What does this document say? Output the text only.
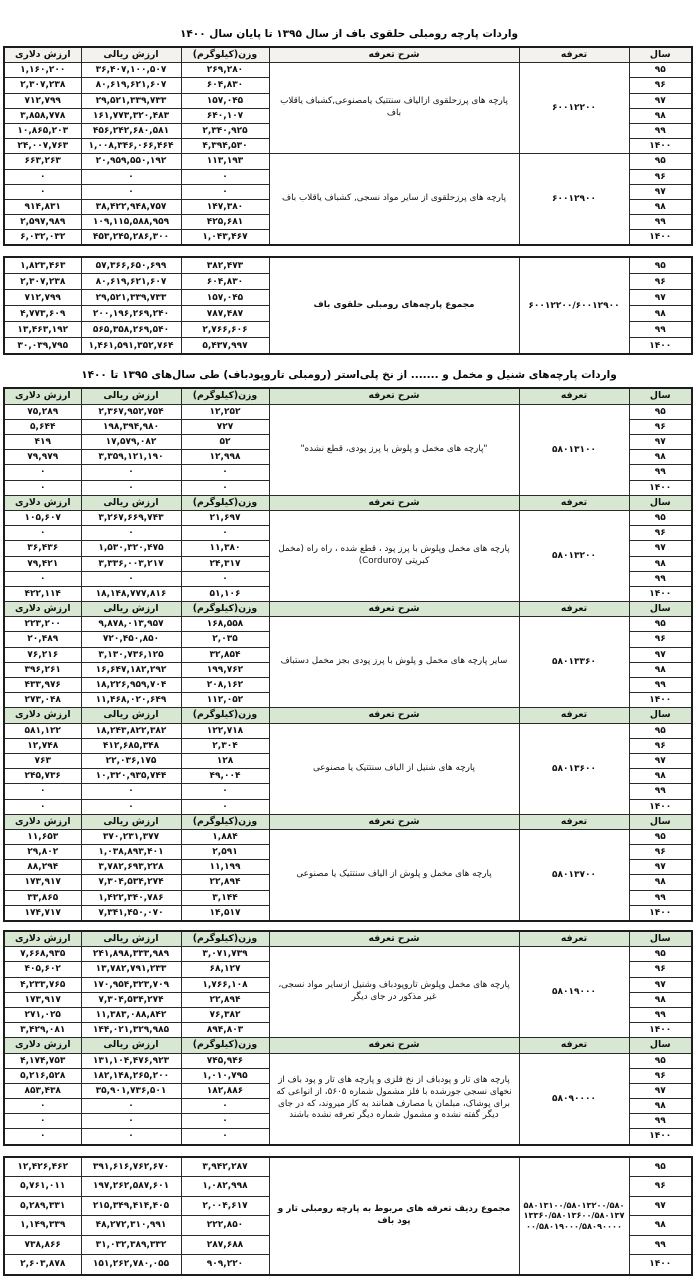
واردات پارچه رومبلی حلقوی باف از سال ۱۳۹۵ تا پایان سال ۱۴۰۰
سال	تعرفه	شرح تعرفه	وزن(کیلوگرم)	ارزش ریالی	ارزش دلاری
۹۵	۶۰۰۱۲۲۰۰	پارچه های پرزحلقوی ازالیاف سنتتیک یامصنوعی,کشباف یاقلاب باف	۲۶۹,۲۸۰	۳۶,۴۰۷,۱۰۰,۵۰۷	۱,۱۶۰,۲۰۰
۹۶			۶۰۴,۸۳۰	۸۰,۶۱۹,۶۲۱,۶۰۷	۲,۳۰۷,۲۳۸
۹۷			۱۵۷,۰۴۵	۲۹,۵۲۱,۳۳۹,۷۳۳	۷۱۲,۷۹۹
۹۸			۶۴۰,۱۰۷	۱۶۱,۷۷۳,۳۲۰,۴۸۳	۳,۸۵۸,۷۷۸
۹۹			۲,۳۴۰,۹۲۵	۴۵۶,۲۴۲,۶۸۰,۵۸۱	۱۰,۸۶۵,۲۰۳
۱۴۰۰			۴,۳۹۴,۵۳۰	۱,۰۰۸,۳۴۶,۰۶۶,۴۶۴	۲۴,۰۰۷,۷۶۳
۹۵	۶۰۰۱۲۹۰۰	پارچه های پرزحلقوی از سایر مواد نسجی, کشباف یاقلاب باف	۱۱۳,۱۹۳	۲۰,۹۵۹,۵۵۰,۱۹۲	۶۶۳,۲۶۳
۹۶			۰	۰	۰
۹۷			۰	۰	۰
۹۸			۱۴۷,۳۸۰	۳۸,۴۲۲,۹۴۸,۷۵۷	۹۱۴,۸۳۱
۹۹			۴۲۵,۶۸۱	۱۰۹,۱۱۵,۵۸۸,۹۵۹	۲,۵۹۷,۹۸۹
۱۴۰۰			۱,۰۴۳,۴۶۷	۴۵۳,۲۴۵,۲۸۶,۳۰۰	۶,۰۳۲,۰۳۲
۹۵	۶۰۰۱۲۲۰۰/۶۰۰۱۲۹۰۰	مجموع پارچه‌های رومبلی حلقوی باف	۳۸۲,۴۷۳	۵۷,۳۶۶,۶۵۰,۶۹۹	۱,۸۲۳,۴۶۳
۹۶			۶۰۴,۸۳۰	۸۰,۶۱۹,۶۲۱,۶۰۷	۲,۳۰۷,۲۳۸
۹۷			۱۵۷,۰۴۵	۲۹,۵۲۱,۳۳۹,۷۳۳	۷۱۲,۷۹۹
۹۸			۷۸۷,۴۸۷	۲۰۰,۱۹۶,۲۶۹,۲۴۰	۴,۷۷۳,۶۰۹
۹۹			۲,۷۶۶,۶۰۶	۵۶۵,۳۵۸,۲۶۹,۵۴۰	۱۳,۴۶۳,۱۹۲
۱۴۰۰			۵,۴۳۷,۹۹۷	۱,۴۶۱,۵۹۱,۳۵۲,۷۶۴	۳۰,۰۳۹,۷۹۵
واردات پارچه‌های شنیل و مخمل و ....... از نخ پلی‌استر (رومبلی تاروپودباف) طی سال‌های ۱۳۹۵ تا ۱۴۰۰
سال	تعرفه	شرح تعرفه	وزن(کیلوگرم)	ارزش ریالی	ارزش دلاری
۹۵	۵۸۰۱۳۱۰۰	"پارچه های مخمل و پلوش با پرز پودی، قطع نشده"	۱۲,۲۵۲	۲,۳۶۷,۹۵۲,۷۵۴	۷۵,۲۸۹
۹۶			۷۲۷	۱۹۸,۳۹۴,۹۸۰	۵,۶۴۴
۹۷			۵۲	۱۷,۵۷۹,۰۸۲	۴۱۹
۹۸			۱۲,۹۹۸	۳,۳۵۹,۱۲۱,۱۹۰	۷۹,۹۷۹
۹۹			۰	۰	۰
۱۴۰۰			۰	۰	۰
سال	تعرفه	شرح تعرفه	وزن(کیلوگرم)	ارزش ریالی	ارزش دلاری
۹۵	۵۸۰۱۳۲۰۰	پارچه های مخمل وپلوش با پرز پود ، قطع شده ، راه راه (مخمل کبریتی Corduroy)	۲۱,۶۹۷	۳,۲۶۷,۶۶۹,۷۴۳	۱۰۵,۶۰۷
۹۶			۰	۰	۰
۹۷			۱۱,۳۸۰	۱,۵۳۰,۳۲۰,۴۷۵	۳۶,۴۳۶
۹۸			۲۴,۳۱۷	۳,۳۳۶,۰۰۳,۲۱۷	۷۹,۴۲۱
۹۹			۰	۰	۰
۱۴۰۰			۵۱,۱۰۶	۱۸,۱۴۸,۷۷۷,۸۱۶	۴۲۲,۱۱۴
سال	تعرفه	شرح تعرفه	وزن(کیلوگرم)	ارزش ریالی	ارزش دلاری
۹۵	۵۸۰۱۳۳۶۰	سایر پارچه های مخمل و پلوش با پرز پودی بجز مخمل دستباف	۱۶۸,۵۵۸	۹,۸۷۸,۰۱۳,۹۵۷	۲۲۳,۲۰۰
۹۶			۲,۰۳۵	۷۲۰,۴۵۰,۸۵۰	۲۰,۴۸۹
۹۷			۳۲,۸۵۴	۳,۱۳۰,۷۳۶,۱۲۵	۷۶,۲۱۶
۹۸			۱۹۹,۷۶۲	۱۶,۶۴۷,۱۸۲,۲۹۲	۳۹۶,۲۶۱
۹۹			۲۰۸,۱۶۲	۱۸,۲۲۶,۹۵۹,۷۰۴	۴۳۳,۹۷۶
۱۴۰۰			۱۱۲,۰۵۲	۱۱,۴۶۸,۰۲۰,۶۴۹	۲۷۳,۰۴۸
سال	تعرفه	شرح تعرفه	وزن(کیلوگرم)	ارزش ریالی	ارزش دلاری
۹۵	۵۸۰۱۳۶۰۰	پارچه های شنیل از الیاف سنتتیک یا مصنوعی	۱۲۲,۷۱۸	۱۸,۲۴۳,۸۲۲,۳۸۲	۵۸۱,۱۲۲
۹۶			۲,۳۰۴	۴۱۲,۶۸۵,۳۴۸	۱۲,۷۴۸
۹۷			۱۲۸	۲۲,۰۳۶,۱۷۵	۷۶۳
۹۸			۴۹,۰۰۴	۱۰,۳۲۰,۹۳۵,۷۴۴	۲۴۵,۷۳۶
۹۹			۰	۰	۰
۱۴۰۰			۰	۰	۰
سال	تعرفه	شرح تعرفه	وزن(کیلوگرم)	ارزش ریالی	ارزش دلاری
۹۵	۵۸۰۱۳۷۰۰	پارچه های مخمل و پلوش از الیاف سنتتیک یا مصنوعی	۱,۸۸۴	۳۷۰,۲۳۱,۳۷۷	۱۱,۶۵۳
۹۶			۲,۵۹۱	۱,۰۳۸,۸۹۳,۴۰۱	۲۹,۸۰۲
۹۷			۱۱,۱۹۹	۳,۷۸۲,۶۹۳,۲۲۸	۸۸,۲۹۴
۹۸			۲۲,۸۹۴	۷,۳۰۴,۵۳۴,۲۷۴	۱۷۳,۹۱۷
۹۹			۳,۱۴۴	۱,۴۲۲,۳۴۰,۷۸۶	۳۳,۸۶۵
۱۴۰۰			۱۴,۵۱۷	۷,۳۴۱,۴۵۰,۰۷۰	۱۷۴,۷۱۷
سال	تعرفه	شرح تعرفه	وزن(کیلوگرم)	ارزش ریالی	ارزش دلاری
۹۵	۵۸۰۱۹۰۰۰	پارچه های مخمل وپلوش تاروپودباف وشنیل ازسایر مواد نسجی، غیر مذکور در جای دیگر	۳,۰۷۱,۷۳۹	۲۴۱,۸۹۸,۳۳۳,۹۸۹	۷,۶۶۸,۹۳۵
۹۶			۶۸,۱۲۷	۱۳,۷۸۲,۷۹۱,۲۳۳	۴۰۵,۶۰۲
۹۷			۱,۷۶۶,۱۰۸	۱۷۰,۹۵۴,۳۲۳,۷۰۹	۴,۲۳۳,۷۶۵
۹۸			۲۲,۸۹۴	۷,۳۰۴,۵۳۴,۲۷۴	۱۷۳,۹۱۷
۹۹			۷۶,۳۸۲	۱۱,۳۸۳,۰۸۸,۸۴۲	۲۷۱,۰۲۵
۱۴۰۰			۸۹۴,۸۰۳	۱۴۴,۰۲۱,۳۲۹,۹۸۵	۳,۴۲۹,۰۸۱
سال	تعرفه	شرح تعرفه	وزن(کیلوگرم)	ارزش ریالی	ارزش دلاری
۹۵	۵۸۰۹۰۰۰۰	پارچه های تار و پودباف از نخ فلزی و پارچه های تار و پود باف از نخهای نسجی جورشده با فلز مشمول شماره ۵۶۰۵، از انواعی که برای پوشاک، مبلمان یا مصارف همانند به کار میروند، که در جای دیگر گفته نشده و مشمول شماره دیگر تعرفه نشده باشند	۷۴۵,۹۴۶	۱۳۱,۱۰۴,۴۷۶,۹۲۳	۴,۱۷۴,۷۵۳
۹۶			۱,۰۱۰,۷۹۵	۱۸۲,۱۴۸,۲۶۵,۲۰۰	۵,۲۱۶,۵۲۸
۹۷			۱۸۲,۸۸۶	۳۵,۹۰۱,۷۳۶,۵۰۱	۸۵۳,۴۳۸
۹۸			۰	۰	۰
۹۹			۰	۰	۰
۱۴۰۰			۰	۰	۰
۹۵	۵۸۰۱۳۱۰۰/۵۸۰۱۳۲۰۰/۵۸۰۱۳۳۶۰/۵۸۰۱۳۶۰۰/۵۸۰۱۳۷۰۰/۵۸۰۱۹۰۰۰/۵۸۰۹۰۰۰۰	مجموع ردیف تعرفه های مربوط به پارچه رومبلی تار و پود باف	۳,۹۴۲,۲۸۷	۳۹۱,۶۱۶,۷۶۲,۶۷۰	۱۲,۴۲۶,۴۶۲
۹۶			۱,۰۸۲,۹۹۸	۱۹۷,۲۶۲,۵۸۷,۶۰۱	۵,۷۶۱,۰۱۱
۹۷			۲,۰۰۴,۶۱۷	۲۱۵,۳۴۹,۴۱۴,۴۰۵	۵,۲۸۹,۳۳۱
۹۸			۲۲۲,۸۵۰	۴۸,۲۷۲,۳۱۰,۹۹۱	۱,۱۴۹,۳۳۹
۹۹			۲۸۷,۶۸۸	۳۱,۰۳۲,۳۸۹,۳۳۲	۷۳۸,۸۶۶
۱۴۰۰			۹۰۹,۲۲۰	۱۵۱,۲۶۲,۷۸۰,۰۵۵	۲,۶۰۳,۸۷۸
